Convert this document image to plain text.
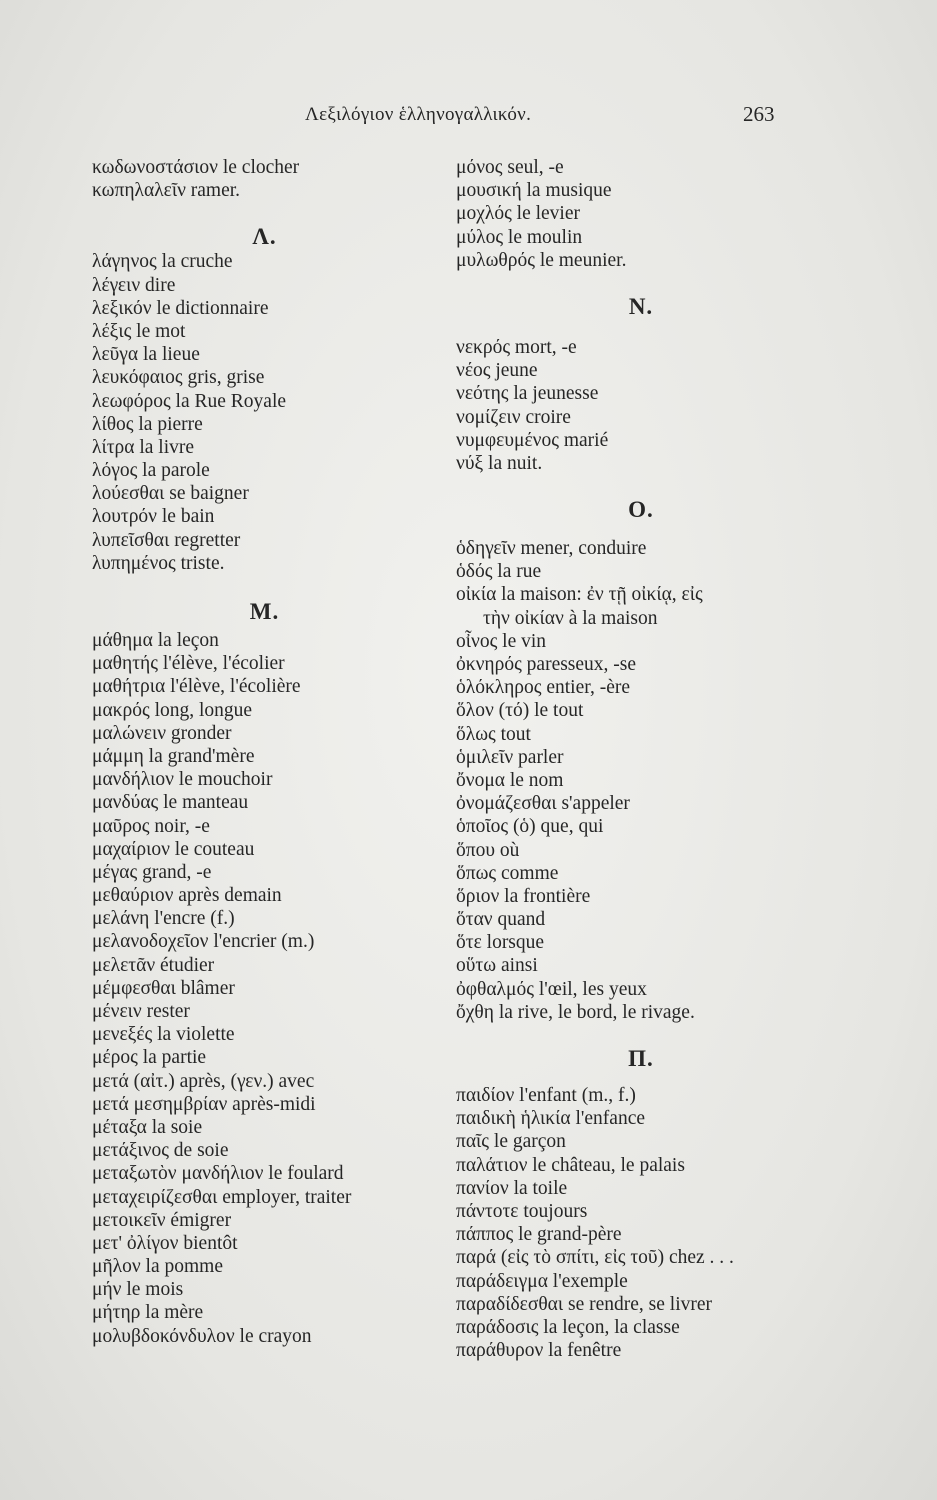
Λεξιλόγιον ἑλληνογαλλικόν.	263
κωδωνοστάσιον le clocher
κωπηλαλεῖν ramer.
Λ.
λάγηνος la cruche
λέγειν dire
λεξικόν le dictionnaire
λέξις le mot
λεῦγα la lieue
λευκόφαιος gris, grise
λεωφόρος la Rue Royale
λίθος la pierre
λίτρα la livre
λόγος la parole
λούεσθαι se baigner
λουτρόν le bain
λυπεῖσθαι regretter
λυπημένος triste.
M.
μάθημα la leçon
μαθητής l'élève, l'écolier
μαθήτρια l'élève, l'écolière
μακρός long, longue
μαλώνειν gronder
μάμμη la grand'mère
μανδήλιον le mouchoir
μανδύας le manteau
μαῦρος noir, -e
μαχαίριον le couteau
μέγας grand, -e
μεθαύριον après demain
μελάνη l'encre (f.)
μελανοδοχεῖον l'encrier (m.)
μελετᾶν étudier
μέμφεσθαι blâmer
μένειν rester
μενεξές la violette
μέρος la partie
μετά (αἰτ.) après, (γεν.) avec
μετά μεσημβρίαν après-midi
μέταξα la soie
μετάξινος de soie
μεταξωτὸν μανδήλιον le foulard
μεταχειρίζεσθαι employer, traiter
μετοικεῖν émigrer
μετ' ὀλίγον bientôt
μῆλον la pomme
μήν le mois
μήτηρ la mère
μολυβδοκόνδυλον le crayon
μόνος seul, -e
μουσική la musique
μοχλός le levier
μύλος le moulin
μυλωθρός le meunier.
N.
νεκρός mort, -e
νέος jeune
νεότης la jeunesse
νομίζειν croire
νυμφευμένος marié
νύξ la nuit.
O.
ὁδηγεῖν mener, conduire
ὁδός la rue
οἰκία la maison: ἐν τῇ οἰκίᾳ, εἰς
τὴν οἰκίαν à la maison
οἶνος le vin
ὀκνηρός paresseux, -se
ὁλόκληρος entier, -ère
ὅλον (τό) le tout
ὅλως tout
ὁμιλεῖν parler
ὄνομα le nom
ὀνομάζεσθαι s'appeler
ὁποῖος (ὁ) que, qui
ὅπου où
ὅπως comme
ὅριον la frontière
ὅταν quand
ὅτε lorsque
οὕτω ainsi
ὀφθαλμός l'œil, les yeux
ὄχθη la rive, le bord, le rivage.
Π.
παιδίον l'enfant (m., f.)
παιδικὴ ἡλικία l'enfance
παῖς le garçon
παλάτιον le château, le palais
πανίον la toile
πάντοτε toujours
πάππος le grand-père
παρά (εἰς τὸ σπίτι, εἰς τοῦ) chez . . .
παράδειγμα l'exemple
παραδίδεσθαι se rendre, se livrer
παράδοσις la leçon, la classe
παράθυρον la fenêtre
